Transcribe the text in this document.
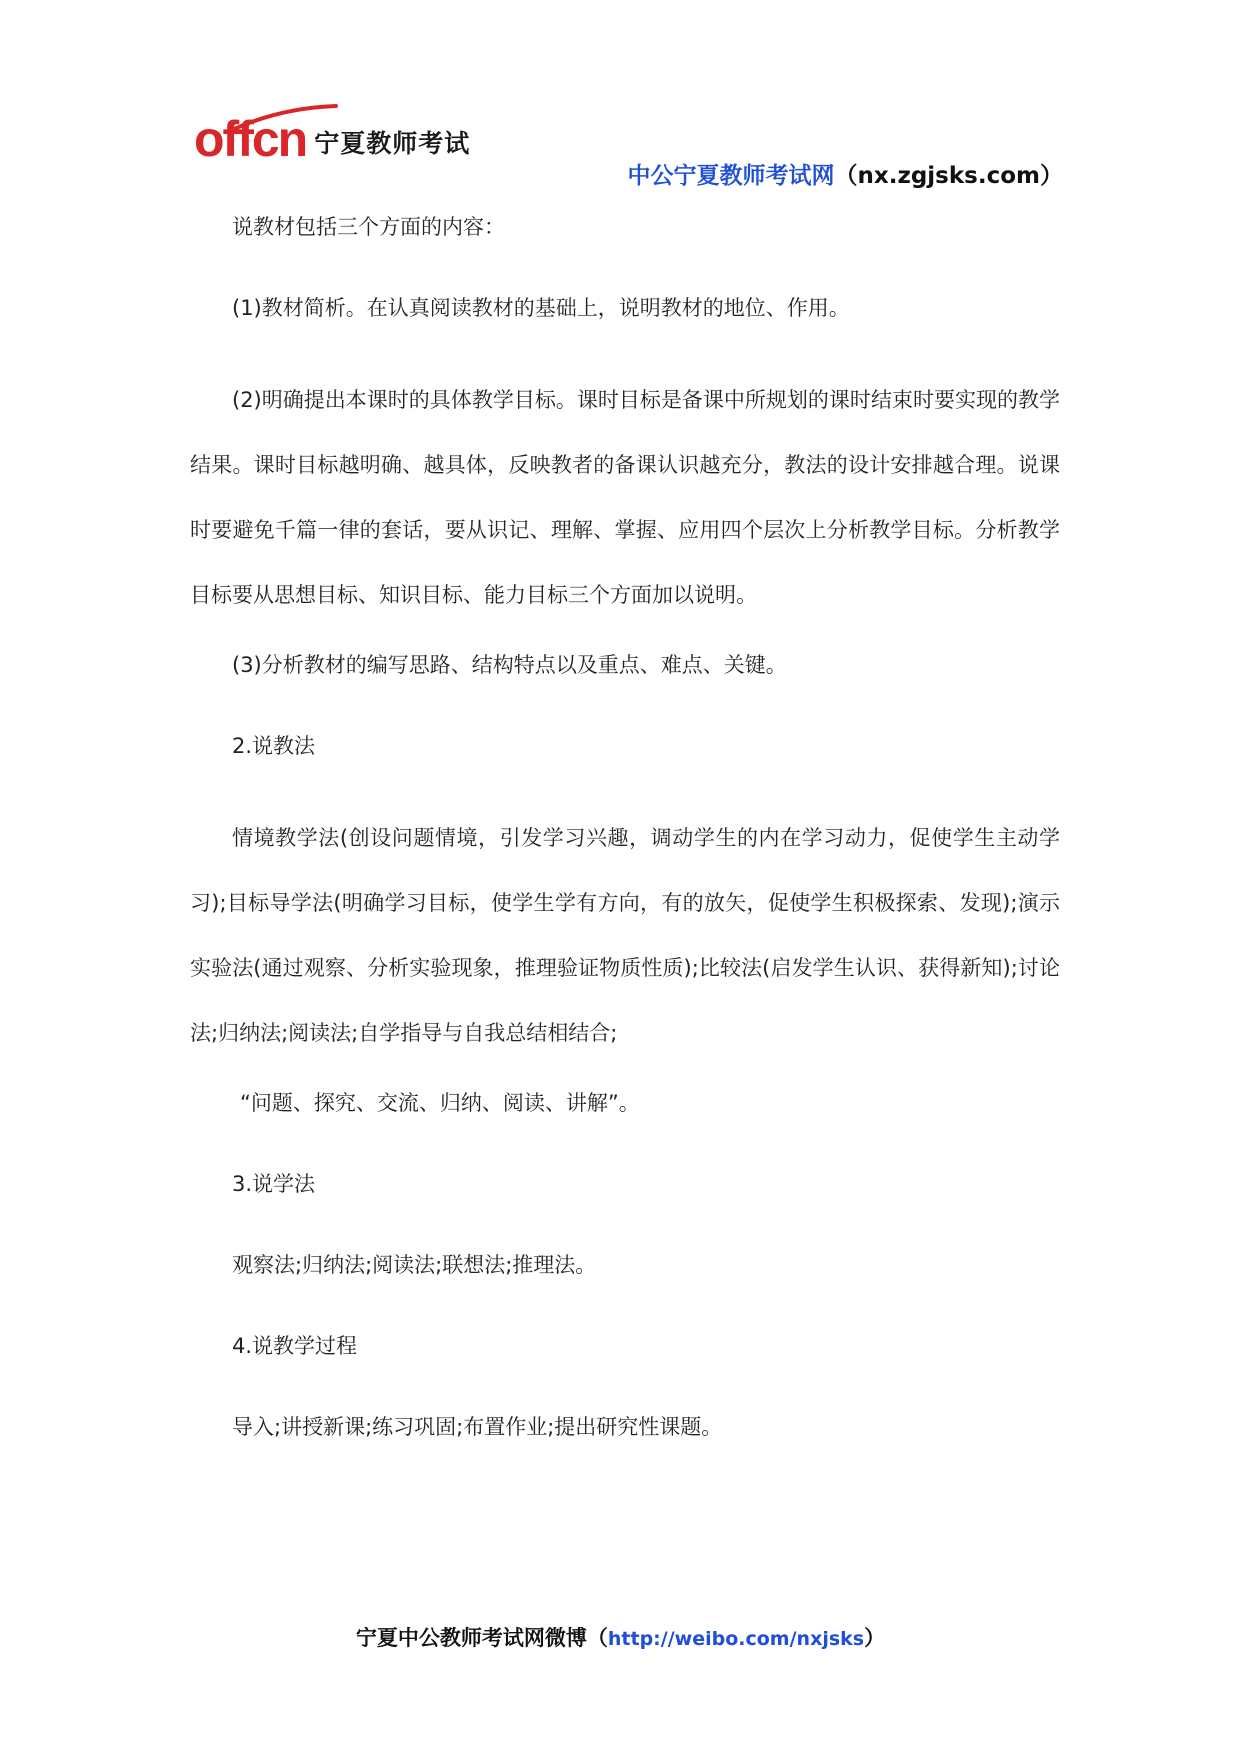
offcn 宁夏教师考试
中公宁夏教师考试网（nx.zgjsks.com）

说教材包括三个方面的内容：

(1)教材简析。在认真阅读教材的基础上，说明教材的地位、作用。

(2)明确提出本课时的具体教学目标。课时目标是备课中所规划的课时结束时要实现的教学结果。课时目标越明确、越具体，反映教者的备课认识越充分，教法的设计安排越合理。说课时要避免千篇一律的套话，要从识记、理解、掌握、应用四个层次上分析教学目标。分析教学目标要从思想目标、知识目标、能力目标三个方面加以说明。

(3)分析教材的编写思路、结构特点以及重点、难点、关键。

2.说教法

情境教学法(创设问题情境，引发学习兴趣，调动学生的内在学习动力，促使学生主动学习);目标导学法(明确学习目标，使学生学有方向，有的放矢，促使学生积极探索、发现);演示实验法(通过观察、分析实验现象，推理验证物质性质);比较法(启发学生认识、获得新知);讨论法;归纳法;阅读法;自学指导与自我总结相结合;

“问题、探究、交流、归纳、阅读、讲解”。

3.说学法

观察法;归纳法;阅读法;联想法;推理法。

4.说教学过程

导入;讲授新课;练习巩固;布置作业;提出研究性课题。

宁夏中公教师考试网微博（http://weibo.com/nxjsks）
